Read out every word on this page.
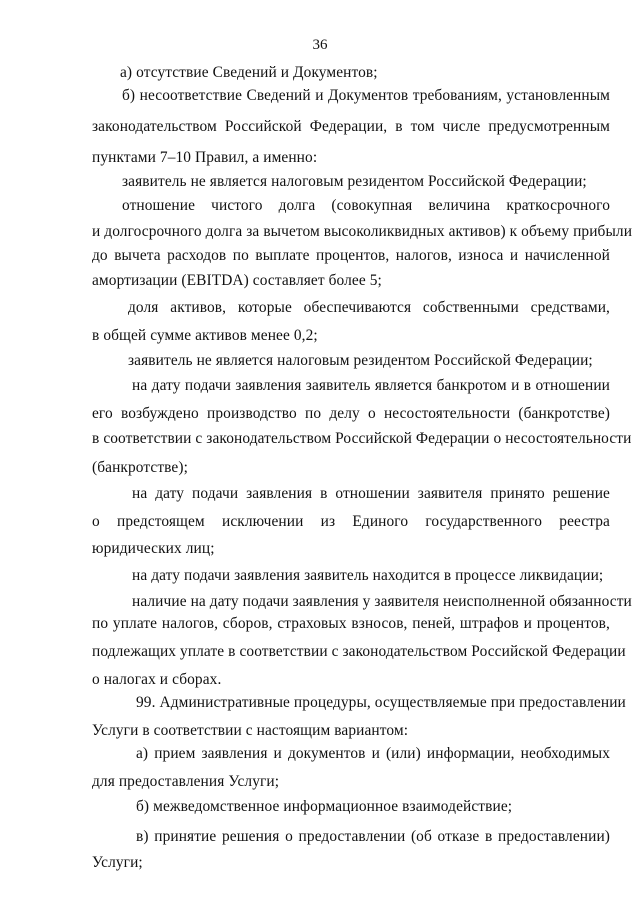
36
а) отсутствие Сведений и Документов;
б) несоответствие Сведений и Документов требованиям, установленным
законодательством Российской Федерации, в том числе предусмотренным
пунктами 7–10 Правил, а именно:
заявитель не является налоговым резидентом Российской Федерации;
отношение чистого долга (совокупная величина краткосрочного
и долгосрочного долга за вычетом высоколиквидных активов) к объему прибыли
до вычета расходов по выплате процентов, налогов, износа и начисленной
амортизации (EBITDA) составляет более 5;
доля активов, которые обеспечиваются собственными средствами,
в общей сумме активов менее 0,2;
заявитель не является налоговым резидентом Российской Федерации;
на дату подачи заявления заявитель является банкротом и в отношении
его возбуждено производство по делу о несостоятельности (банкротстве)
в соответствии с законодательством Российской Федерации о несостоятельности
(банкротстве);
на дату подачи заявления в отношении заявителя принято решение
о предстоящем исключении из Единого государственного реестра
юридических лиц;
на дату подачи заявления заявитель находится в процессе ликвидации;
наличие на дату подачи заявления у заявителя неисполненной обязанности
по уплате налогов, сборов, страховых взносов, пеней, штрафов и процентов,
подлежащих уплате в соответствии с законодательством Российской Федерации
о налогах и сборах.
99. Административные процедуры, осуществляемые при предоставлении
Услуги в соответствии с настоящим вариантом:
а) прием заявления и документов и (или) информации, необходимых
для предоставления Услуги;
б) межведомственное информационное взаимодействие;
в) принятие решения о предоставлении (об отказе в предоставлении)
Услуги;
